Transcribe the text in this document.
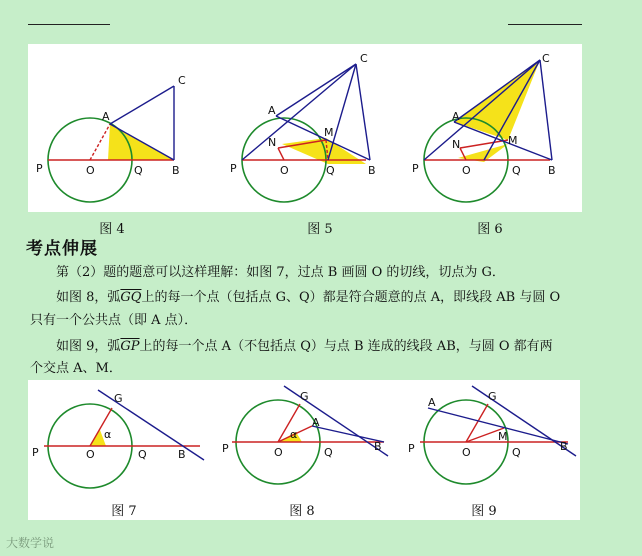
A
C
P	O	Q	B
A
C
N
M
P	O	Q	B
A
C
N	M
P	O	Q B
图 4	图 5	图 6
考点伸展
第（2）题的题意可以这样理解：如图 7，过点 B 画圆 O 的切线，切点为 G．
如图 8，弧$\overline{GQ}$上的每一个点（包括点 G、Q）都是符合题意的点 A，即线段 AB 与圆 O
只有一个公共点（即 A 点）．
如图 9，弧$\overline{GP}$上的每一个点 A（不包括点 Q）与点 B 连成的线段 AB，与圆 O 都有两
个交点 A、M．
G
α
P	O	Q	B
G
A
α
P	O	Q	B
A	G
M
P	O	Q	B
图 7	图 8	图 9
大数学说
